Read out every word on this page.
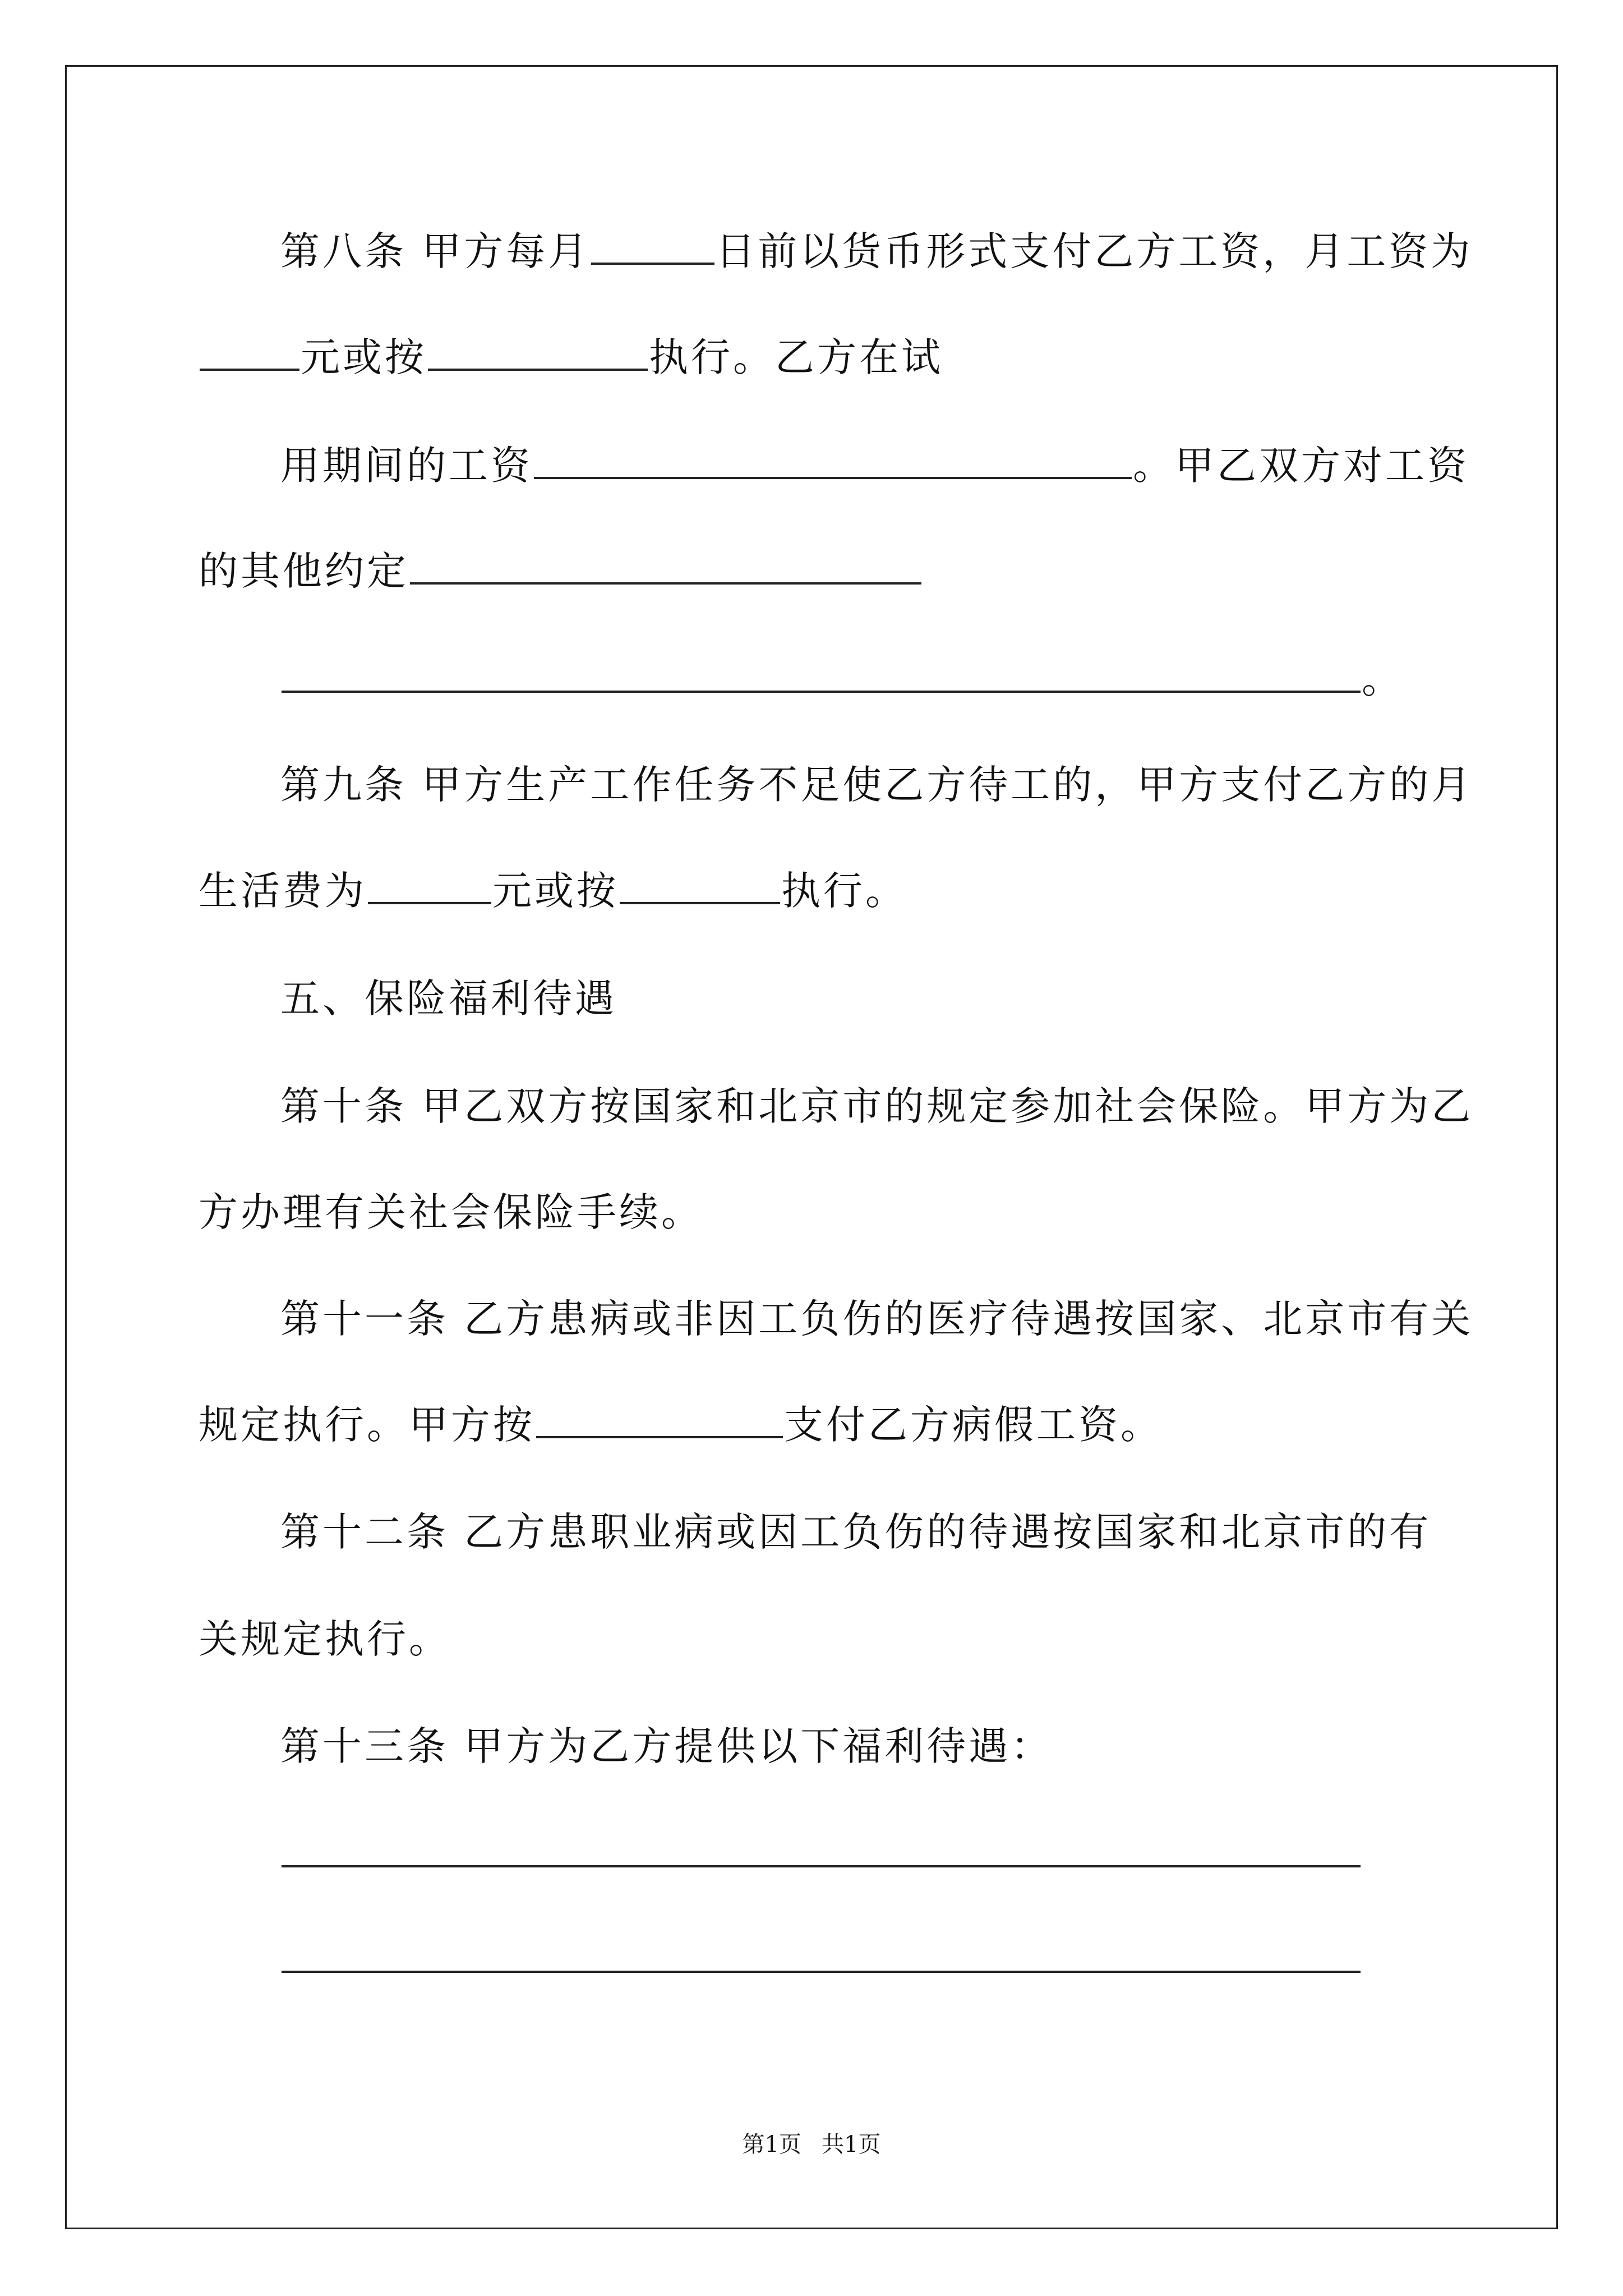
第八条 甲方每月	日前以货币形式支付乙方工资，月工资为
元或按	执行。乙方在试
用期间的工资	。甲乙双方对工资
的其他约定
。
第九条 甲方生产工作任务不足使乙方待工的，甲方支付乙方的月
生活费为	元或按	执行。
五、保险福利待遇
第十条 甲乙双方按国家和北京市的规定参加社会保险。甲方为乙
方办理有关社会保险手续。
第十一条 乙方患病或非因工负伤的医疗待遇按国家、北京市有关
规定执行。甲方按	支付乙方病假工资。
第十二条 乙方患职业病或因工负伤的待遇按国家和北京市的有
关规定执行。
第十三条 甲方为乙方提供以下福利待遇：
第1页 共1页
